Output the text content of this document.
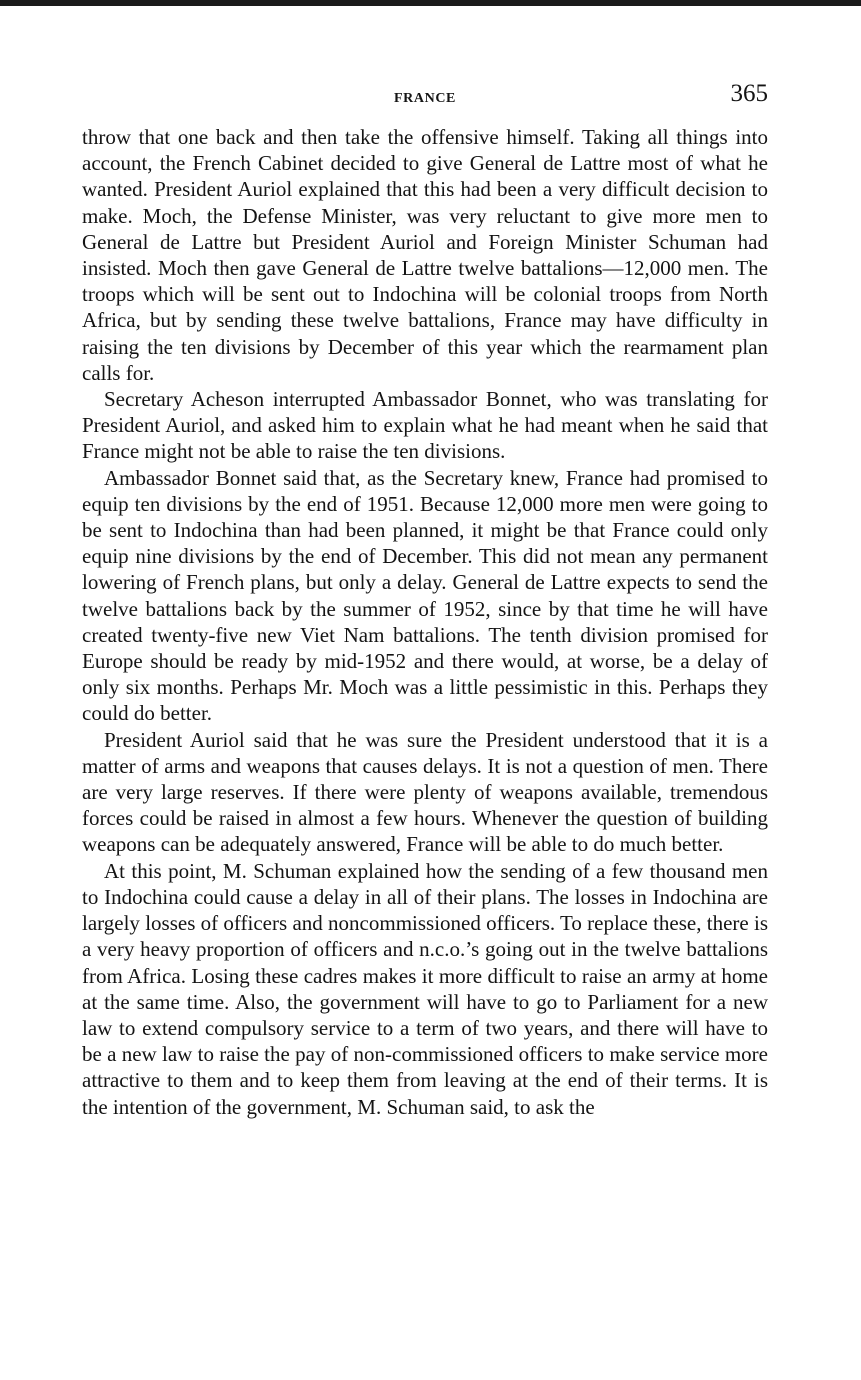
FRANCE	365

throw that one back and then take the offensive himself. Taking all things into account, the French Cabinet decided to give General de Lattre most of what he wanted. President Auriol explained that this had been a very difficult decision to make. Moch, the Defense Minister, was very reluctant to give more men to General de Lattre but President Auriol and Foreign Minister Schuman had insisted. Moch then gave General de Lattre twelve battalions—12,000 men. The troops which will be sent out to Indochina will be colonial troops from North Africa, but by sending these twelve battalions, France may have difficulty in raising the ten divisions by December of this year which the rearmament plan calls for.

Secretary Acheson interrupted Ambassador Bonnet, who was translating for President Auriol, and asked him to explain what he had meant when he said that France might not be able to raise the ten divisions.

Ambassador Bonnet said that, as the Secretary knew, France had promised to equip ten divisions by the end of 1951. Because 12,000 more men were going to be sent to Indochina than had been planned, it might be that France could only equip nine divisions by the end of December. This did not mean any permanent lowering of French plans, but only a delay. General de Lattre expects to send the twelve battalions back by the summer of 1952, since by that time he will have created twenty-five new Viet Nam battalions. The tenth division promised for Europe should be ready by mid-1952 and there would, at worse, be a delay of only six months. Perhaps Mr. Moch was a little pessimistic in this. Perhaps they could do better.

President Auriol said that he was sure the President understood that it is a matter of arms and weapons that causes delays. It is not a question of men. There are very large reserves. If there were plenty of weapons available, tremendous forces could be raised in almost a few hours. Whenever the question of building weapons can be adequately answered, France will be able to do much better.

At this point, M. Schuman explained how the sending of a few thousand men to Indochina could cause a delay in all of their plans. The losses in Indochina are largely losses of officers and noncommissioned officers. To replace these, there is a very heavy proportion of officers and n.c.o.’s going out in the twelve battalions from Africa. Losing these cadres makes it more difficult to raise an army at home at the same time. Also, the government will have to go to Parliament for a new law to extend compulsory service to a term of two years, and there will have to be a new law to raise the pay of non-commissioned officers to make service more attractive to them and to keep them from leaving at the end of their terms. It is the intention of the government, M. Schuman said, to ask the
